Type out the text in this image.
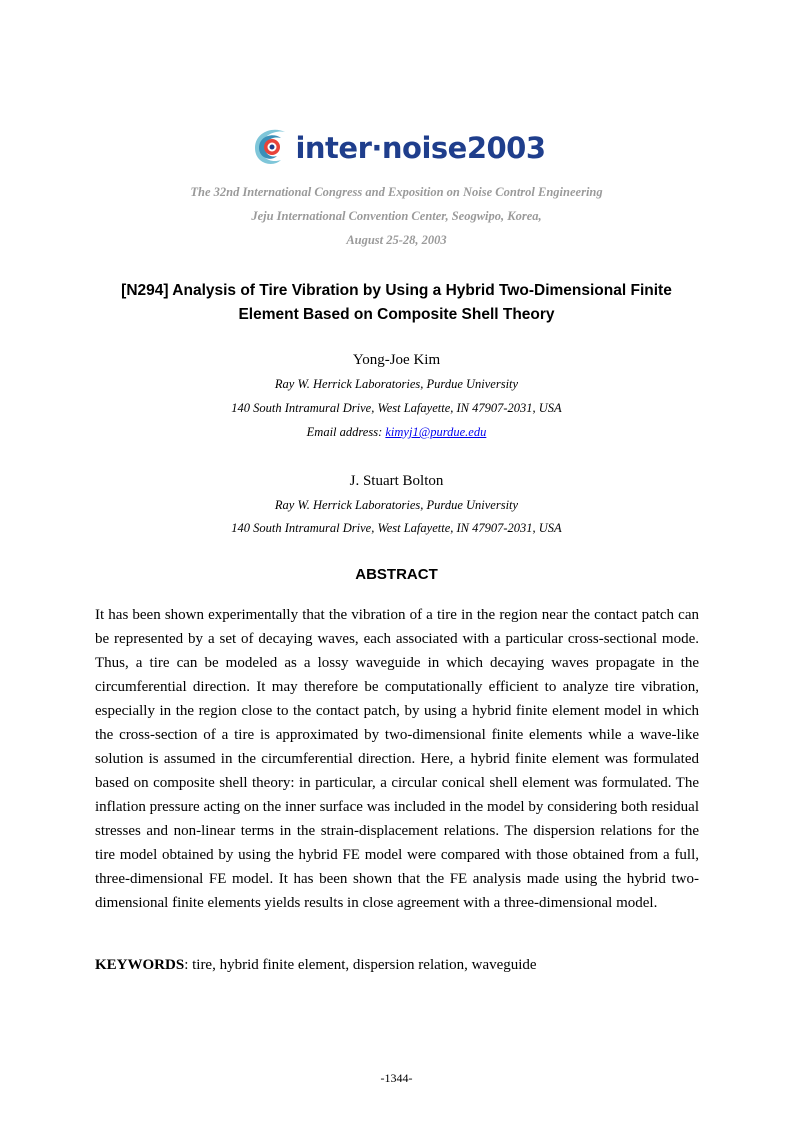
inter·noise2003
The 32nd International Congress and Exposition on Noise Control Engineering
Jeju International Convention Center, Seogwipo, Korea,
August 25-28, 2003
[N294] Analysis of Tire Vibration by Using a Hybrid Two-Dimensional Finite
Element Based on Composite Shell Theory
Yong-Joe Kim
Ray W. Herrick Laboratories, Purdue University
140 South Intramural Drive, West Lafayette, IN 47907-2031, USA
Email address: kimyj1@purdue.edu
J. Stuart Bolton
Ray W. Herrick Laboratories, Purdue University
140 South Intramural Drive, West Lafayette, IN 47907-2031, USA
ABSTRACT
It has been shown experimentally that the vibration of a tire in the region near the contact patch can be represented by a set of decaying waves, each associated with a particular cross-sectional mode. Thus, a tire can be modeled as a lossy waveguide in which decaying waves propagate in the circumferential direction. It may therefore be computationally efficient to analyze tire vibration, especially in the region close to the contact patch, by using a hybrid finite element model in which the cross-section of a tire is approximated by two-dimensional finite elements while a wave-like solution is assumed in the circumferential direction. Here, a hybrid finite element was formulated based on composite shell theory: in particular, a circular conical shell element was formulated. The inflation pressure acting on the inner surface was included in the model by considering both residual stresses and non-linear terms in the strain-displacement relations. The dispersion relations for the tire model obtained by using the hybrid FE model were compared with those obtained from a full, three-dimensional FE model. It has been shown that the FE analysis made using the hybrid two-dimensional finite elements yields results in close agreement with a three-dimensional model.
KEYWORDS: tire, hybrid finite element, dispersion relation, waveguide
-1344-
